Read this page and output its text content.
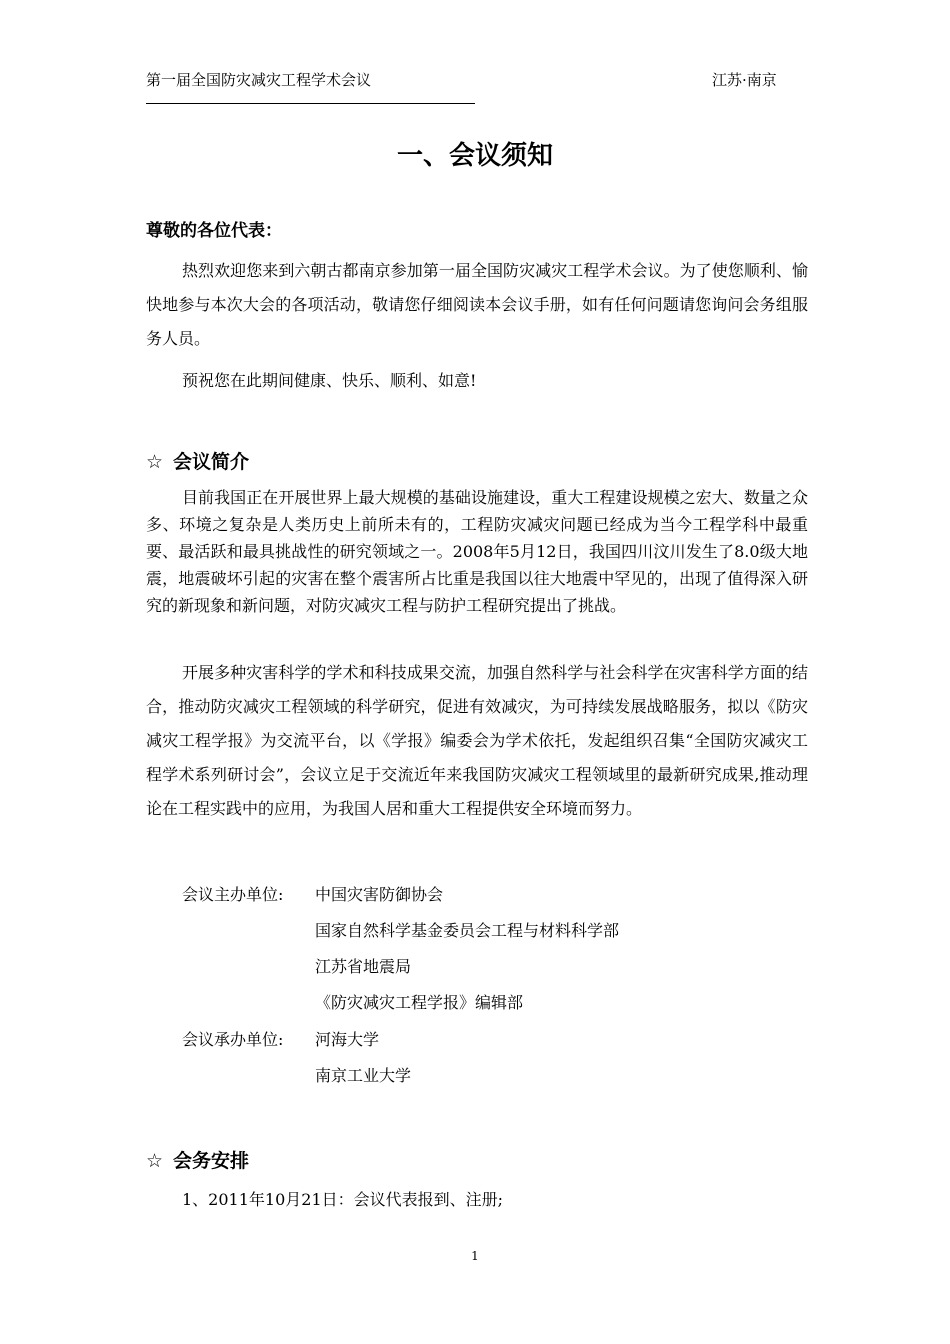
第一届全国防灾减灾工程学术会议	江苏·南京
一、会议须知
尊敬的各位代表：

热烈欢迎您来到六朝古都南京参加第一届全国防灾减灾工程学术会议。为了使您顺利、愉快地参与本次大会的各项活动，敬请您仔细阅读本会议手册，如有任何问题请您询问会务组服务人员。

预祝您在此期间健康、快乐、顺利、如意!

☆ 会议简介

目前我国正在开展世界上最大规模的基础设施建设，重大工程建设规模之宏大、数量之众多、环境之复杂是人类历史上前所未有的，工程防灾减灾问题已经成为当今工程学科中最重要、最活跃和最具挑战性的研究领域之一。2008年5月12日，我国四川汶川发生了8.0级大地震，地震破坏引起的灾害在整个震害所占比重是我国以往大地震中罕见的，出现了值得深入研究的新现象和新问题，对防灾减灾工程与防护工程研究提出了挑战。

开展多种灾害科学的学术和科技成果交流，加强自然科学与社会科学在灾害科学方面的结合，推动防灾减灾工程领域的科学研究，促进有效减灾，为可持续发展战略服务，拟以《防灾减灾工程学报》为交流平台，以《学报》编委会为学术依托，发起组织召集“全国防灾减灾工程学术系列研讨会”，会议立足于交流近年来我国防灾减灾工程领域里的最新研究成果,推动理论在工程实践中的应用，为我国人居和重大工程提供安全环境而努力。

会议主办单位: 中国灾害防御协会
国家自然科学基金委员会工程与材料科学部
江苏省地震局
《防灾减灾工程学报》编辑部
会议承办单位: 河海大学
南京工业大学
☆ 会务安排
1、2011年10月21日：会议代表报到、注册;
1
